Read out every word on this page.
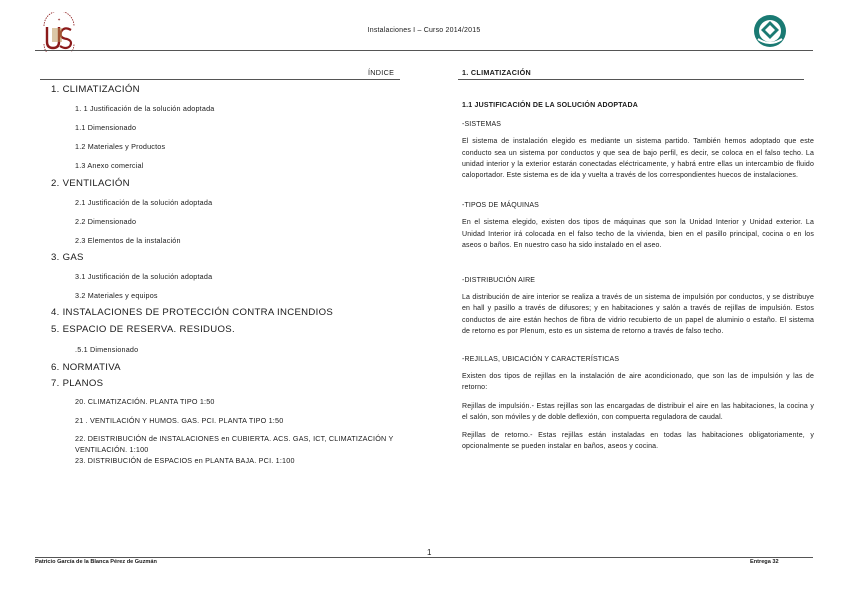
✦
Instalaciones I – Curso 2014/2015
ÍNDICE
1. CLIMATIZACIÓN
1. 1 Justificación de la solución adoptada
1.1 Dimensionado
1.2 Materiales y Productos
1.3 Anexo comercial
2. VENTILACIÓN
2.1 Justificación de la solución adoptada
2.2 Dimensionado
2.3 Elementos de la instalación
3. GAS
3.1 Justificación de la solución adoptada
3.2 Materiales y equipos
4. INSTALACIONES DE PROTECCIÓN CONTRA INCENDIOS
5. ESPACIO DE RESERVA. RESIDUOS.
.5.1 Dimensionado
6. NORMATIVA
7. PLANOS
20. CLIMATIZACIÓN. PLANTA TIPO 1:50
21 . VENTILACIÓN Y HUMOS. GAS. PCI. PLANTA TIPO 1:50
22. DEISTRIBUCIÓN de INSTALACIONES en CUBIERTA. ACS. GAS, ICT, CLIMATIZACIÓN Y VENTILACIÓN. 1:100
23. DISTRIBUCIÓN de ESPACIOS en PLANTA BAJA. PCI. 1:100
1. CLIMATIZACIÓN
1.1 JUSTIFICACIÓN DE LA SOLUCIÓN ADOPTADA
-SISTEMAS

El sistema de instalación elegido es mediante un sistema partido. También hemos adoptado que este conducto sea un sistema por conductos y que sea de bajo perfil, es decir, se coloca en el falso techo. La unidad interior y la exterior estarán conectadas eléctricamente, y habrá entre ellas un intercambio de fluido caloportador. Este sistema es de ida y vuelta a través de los correspondientes huecos de instalaciones.

-TIPOS DE MÁQUINAS

En el sistema elegido, existen dos tipos de máquinas que son la Unidad Interior y Unidad exterior. La Unidad Interior irá colocada en el falso techo de la vivienda, bien en el pasillo principal, cocina o en los aseos o baños. En nuestro caso ha sido instalado en el aseo.

-DISTRIBUCIÓN AIRE

La distribución de aire interior se realiza a través de un sistema de impulsión por conductos, y se distribuye en hall y pasillo a través de difusores; y en habitaciones y salón a través de rejillas de impulsión. Estos conductos de aire están hechos de fibra de vidrio recubierto de un papel de aluminio o estaño. El sistema de retorno es por Plenum, esto es un sistema de retorno a través de falso techo.

-REJILLAS, UBICACIÓN Y CARACTERÍSTICAS

Existen dos tipos de rejillas en la instalación de aire acondicionado, que son las de impulsión y las de retorno:

Rejillas de impulsión.- Estas rejillas son las encargadas de distribuir el aire en las habitaciones, la cocina y el salón, son móviles y de doble deflexión, con compuerta reguladora de caudal.

Rejillas de retorno.- Estas rejillas están instaladas en todas las habitaciones obligatoriamente, y opcionalmente se pueden instalar en baños, aseos y cocina.

1
Patricio García de la Blanca Pérez de Guzmán	Entrega 32
